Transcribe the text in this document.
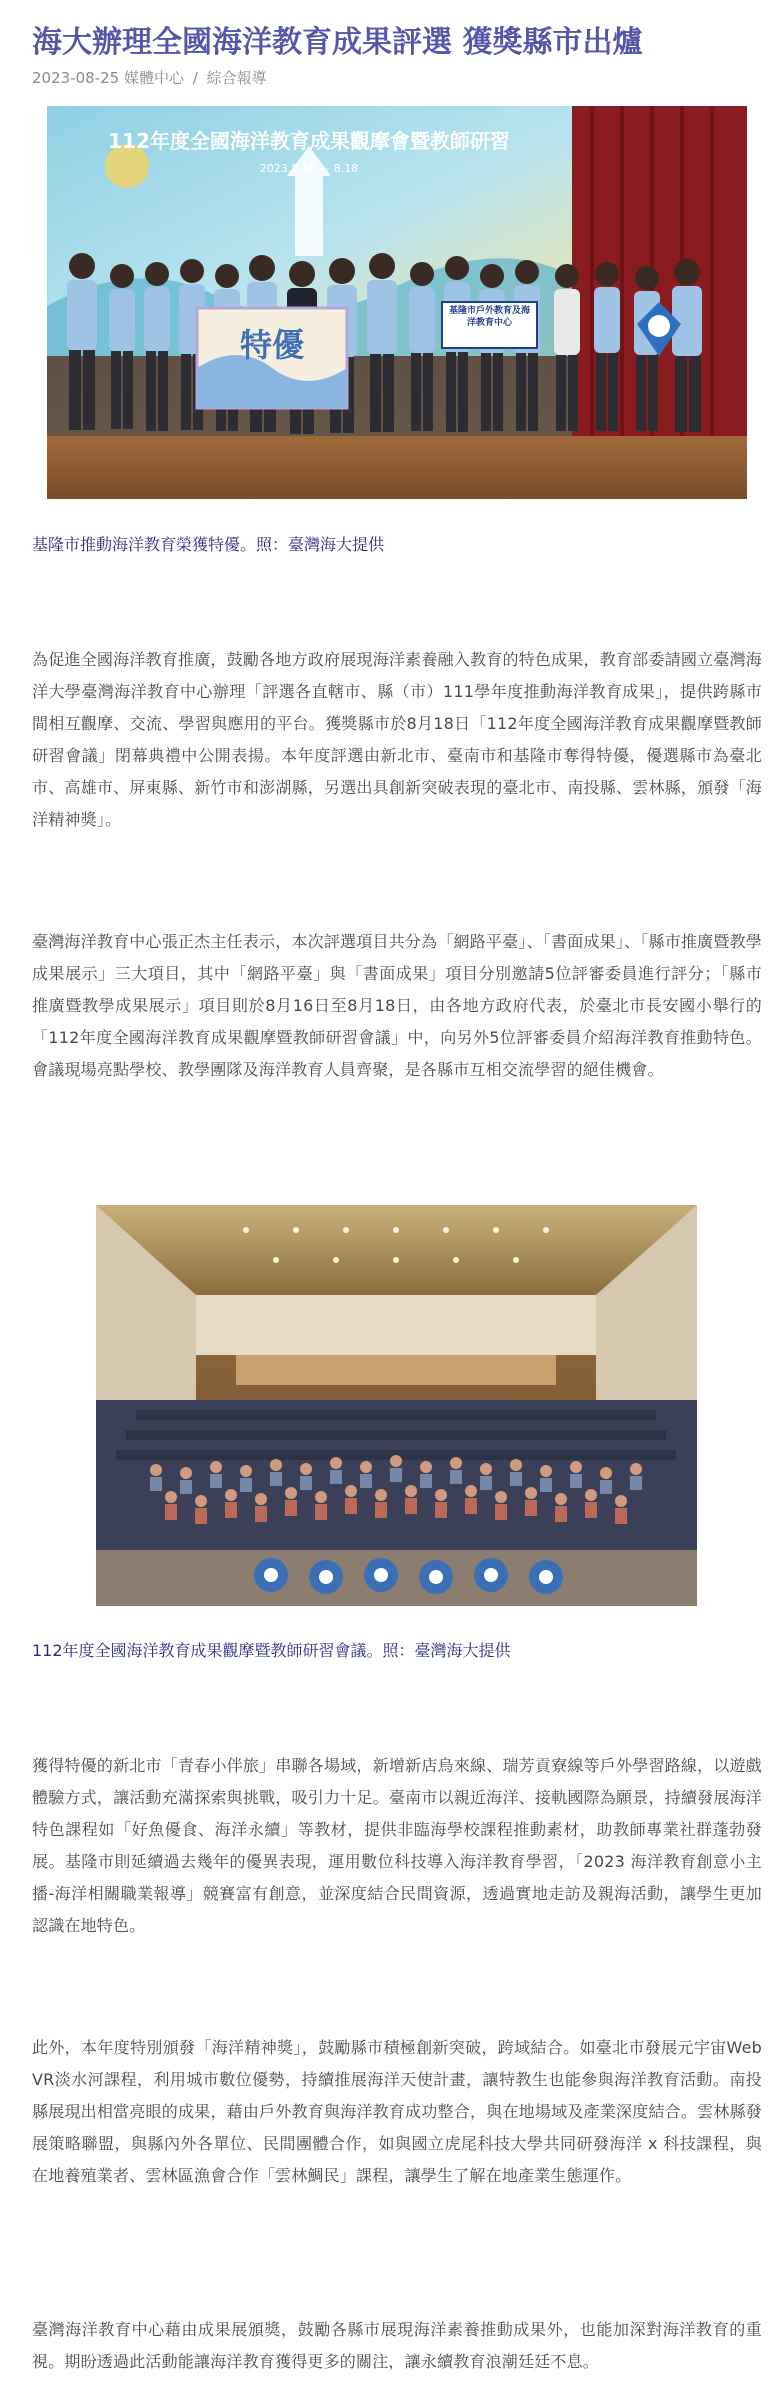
海大辦理全國海洋教育成果評選 獲獎縣市出爐
2023-08-25 媒體中心 / 綜合報導
112年度全國海洋教育成果觀摩會暨教師研習
2023.8.16 — 8.18
特優
基隆市戶外教育及海洋教育中心
基隆市推動海洋教育榮獲特優。照：臺灣海大提供

為促進全國海洋教育推廣，鼓勵各地方政府展現海洋素養融入教育的特色成果，教育部委請國立臺灣海洋大學臺灣海洋教育中心辦理「評選各直轄市、縣（市）111學年度推動海洋教育成果」，提供跨縣市間相互觀摩、交流、學習與應用的平台。獲獎縣市於8月18日「112年度全國海洋教育成果觀摩暨教師研習會議」閉幕典禮中公開表揚。本年度評選由新北市、臺南市和基隆市奪得特優，優選縣市為臺北市、高雄市、屏東縣、新竹市和澎湖縣，另選出具創新突破表現的臺北市、南投縣、雲林縣，頒發「海洋精神獎」。

臺灣海洋教育中心張正杰主任表示，本次評選項目共分為「網路平臺」、「書面成果」、「縣市推廣暨教學成果展示」三大項目，其中「網路平臺」與「書面成果」項目分別邀請5位評審委員進行評分；「縣市推廣暨教學成果展示」項目則於8月16日至8月18日，由各地方政府代表，於臺北市長安國小舉行的「112年度全國海洋教育成果觀摩暨教師研習會議」中，向另外5位評審委員介紹海洋教育推動特色。會議現場亮點學校、教學團隊及海洋教育人員齊聚，是各縣市互相交流學習的絕佳機會。

112年度全國海洋教育成果觀摩暨教師研習會議。照：臺灣海大提供

獲得特優的新北市「青春小伴旅」串聯各場域，新增新店烏來線、瑞芳貢寮線等戶外學習路線，以遊戲體驗方式，讓活動充滿探索與挑戰，吸引力十足。臺南市以親近海洋、接軌國際為願景，持續發展海洋特色課程如「好魚優食、海洋永續」等教材，提供非臨海學校課程推動素材，助教師專業社群蓬勃發展。基隆市則延續過去幾年的優異表現，運用數位科技導入海洋教育學習，「2023 海洋教育創意小主播-海洋相關職業報導」競賽富有創意，並深度結合民間資源，透過實地走訪及親海活動，讓學生更加認識在地特色。

此外，本年度特別頒發「海洋精神獎」，鼓勵縣市積極創新突破，跨域結合。如臺北市發展元宇宙Web VR淡水河課程，利用城市數位優勢，持續推展海洋天使計畫，讓特教生也能參與海洋教育活動。南投縣展現出相當亮眼的成果，藉由戶外教育與海洋教育成功整合，與在地場域及產業深度結合。雲林縣發展策略聯盟，與縣內外各單位、民間團體合作，如與國立虎尾科技大學共同研發海洋 x 科技課程，與在地養殖業者、雲林區漁會合作「雲林鯛民」課程，讓學生了解在地產業生態運作。

臺灣海洋教育中心藉由成果展頒獎，鼓勵各縣市展現海洋素養推動成果外，也能加深對海洋教育的重視。期盼透過此活動能讓海洋教育獲得更多的關注，讓永續教育浪潮廷廷不息。
